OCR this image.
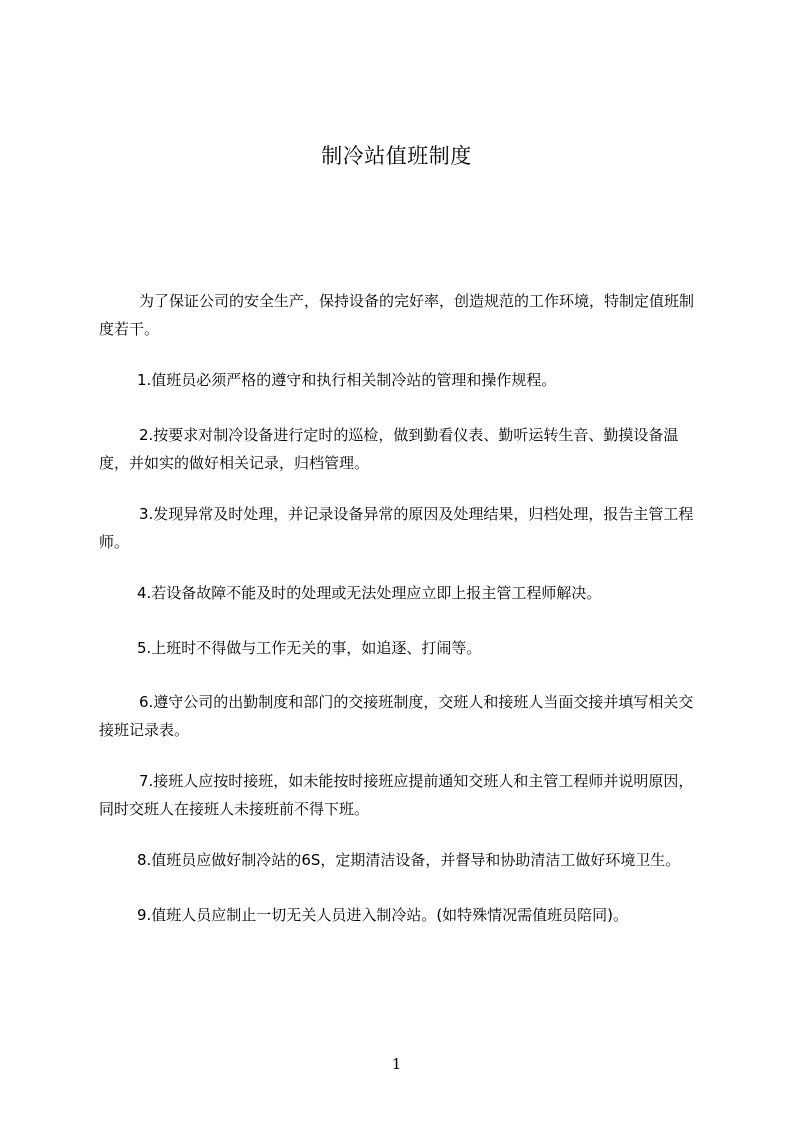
制冷站值班制度

为了保证公司的安全生产，保持设备的完好率，创造规范的工作环境，特制定值班制度若干。

1.值班员必须严格的遵守和执行相关制冷站的管理和操作规程。

2.按要求对制冷设备进行定时的巡检，做到勤看仪表、勤听运转生音、勤摸设备温度，并如实的做好相关记录，归档管理。

3.发现异常及时处理，并记录设备异常的原因及处理结果，归档处理，报告主管工程师。

4.若设备故障不能及时的处理或无法处理应立即上报主管工程师解决。

5.上班时不得做与工作无关的事，如追逐、打闹等。

6.遵守公司的出勤制度和部门的交接班制度，交班人和接班人当面交接并填写相关交接班记录表。

7.接班人应按时接班，如未能按时接班应提前通知交班人和主管工程师并说明原因，同时交班人在接班人未接班前不得下班。

8.值班员应做好制冷站的6S，定期清洁设备，并督导和协助清洁工做好环境卫生。

9.值班人员应制止一切无关人员进入制冷站。(如特殊情况需值班员陪同)。

1
